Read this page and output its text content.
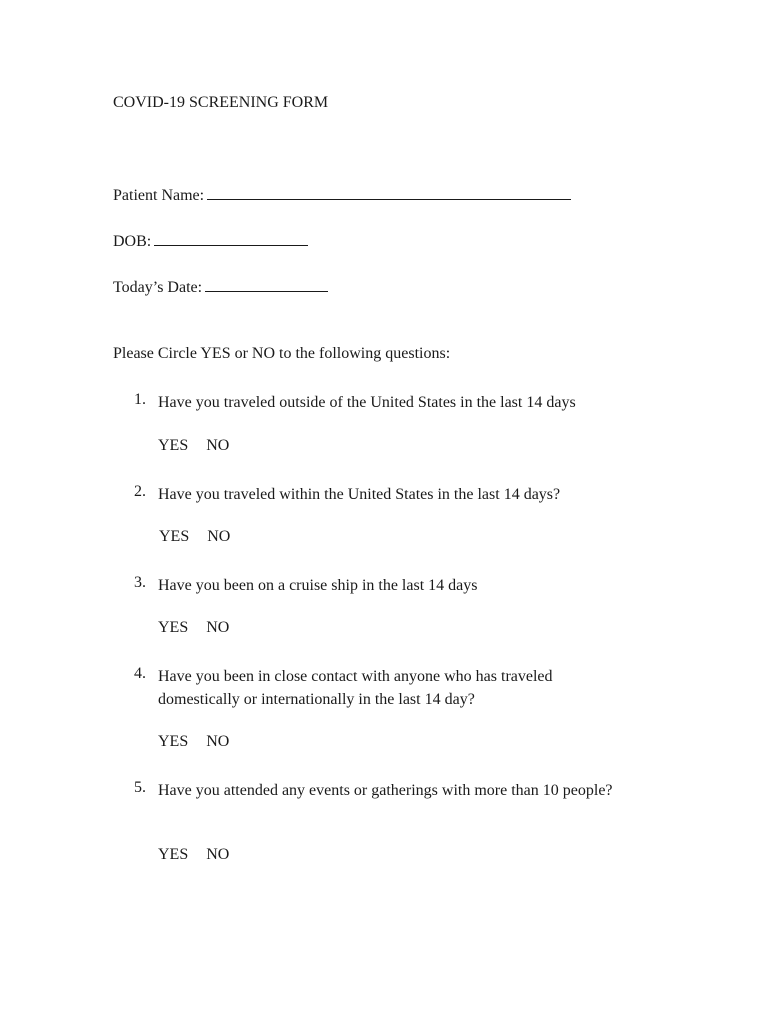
COVID-19 SCREENING FORM
Patient Name:
DOB:
Today’s Date:
Please Circle YES or NO to the following questions:
1. Have you traveled outside of the United States in the last 14 days
YES NO
2. Have you traveled within the United States in the last 14 days?
YES NO
3. Have you been on a cruise ship in the last 14 days
YES NO
4. Have you been in close contact with anyone who has traveled domestically or internationally in the last 14 day?
YES NO
5. Have you attended any events or gatherings with more than 10 people?
YES NO
